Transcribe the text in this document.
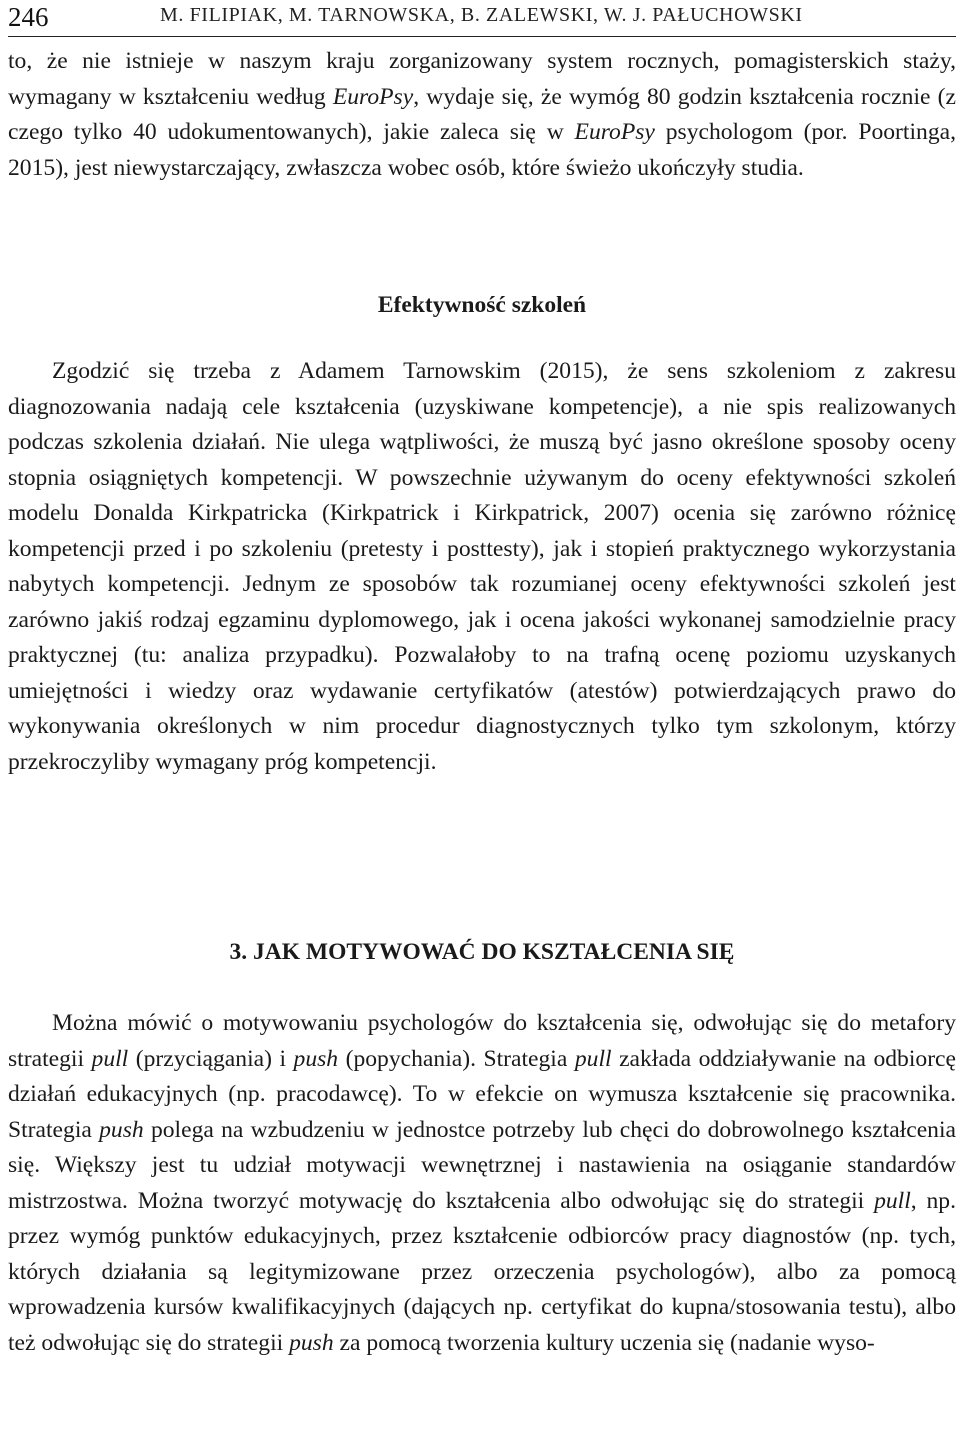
246	M. FILIPIAK, M. TARNOWSKA, B. ZALEWSKI, W. J. PAŁUCHOWSKI

to, że nie istnieje w naszym kraju zorganizowany system rocznych, pomagisterskich staży, wymagany w kształceniu według EuroPsy, wydaje się, że wymóg 80 godzin kształcenia rocznie (z czego tylko 40 udokumentowanych), jakie zaleca się w EuroPsy psychologom (por. Poortinga, 2015), jest niewystarczający, zwłaszcza wobec osób, które świeżo ukończyły studia.

Efektywność szkoleń

Zgodzić się trzeba z Adamem Tarnowskim (2015), że sens szkoleniom z zakresu diagnozowania nadają cele kształcenia (uzyskiwane kompetencje), a nie spis realizowanych podczas szkolenia działań. Nie ulega wątpliwości, że muszą być jasno określone sposoby oceny stopnia osiągniętych kompetencji. W powszechnie używanym do oceny efektywności szkoleń modelu Donalda Kirkpatricka (Kirkpatrick i Kirkpatrick, 2007) ocenia się zarówno różnicę kompetencji przed i po szkoleniu (pretesty i posttesty), jak i stopień praktycznego wykorzystania nabytych kompetencji. Jednym ze sposobów tak rozumianej oceny efektywności szkoleń jest zarówno jakiś rodzaj egzaminu dyplomowego, jak i ocena jakości wykonanej samodzielnie pracy praktycznej (tu: analiza przypadku). Pozwalałoby to na trafną ocenę poziomu uzyskanych umiejętności i wiedzy oraz wydawanie certyfikatów (atestów) potwierdzających prawo do wykonywania określonych w nim procedur diagnostycznych tylko tym szkolonym, którzy przekroczyliby wymagany próg kompetencji.

3. JAK MOTYWOWAĆ DO KSZTAŁCENIA SIĘ

Można mówić o motywowaniu psychologów do kształcenia się, odwołując się do metafory strategii pull (przyciągania) i push (popychania). Strategia pull zakłada oddziaływanie na odbiorcę działań edukacyjnych (np. pracodawcę). To w efekcie on wymusza kształcenie się pracownika. Strategia push polega na wzbudzeniu w jednostce potrzeby lub chęci do dobrowolnego kształcenia się. Większy jest tu udział motywacji wewnętrznej i nastawienia na osiąganie standardów mistrzostwa. Można tworzyć motywację do kształcenia albo odwołując się do strategii pull, np. przez wymóg punktów edukacyjnych, przez kształcenie odbiorców pracy diagnostów (np. tych, których działania są legitymizowane przez orzeczenia psychologów), albo za pomocą wprowadzenia kursów kwalifikacyjnych (dających np. certyfikat do kupna/stosowania testu), albo też odwołując się do strategii push za pomocą tworzenia kultury uczenia się (nadanie wyso-
